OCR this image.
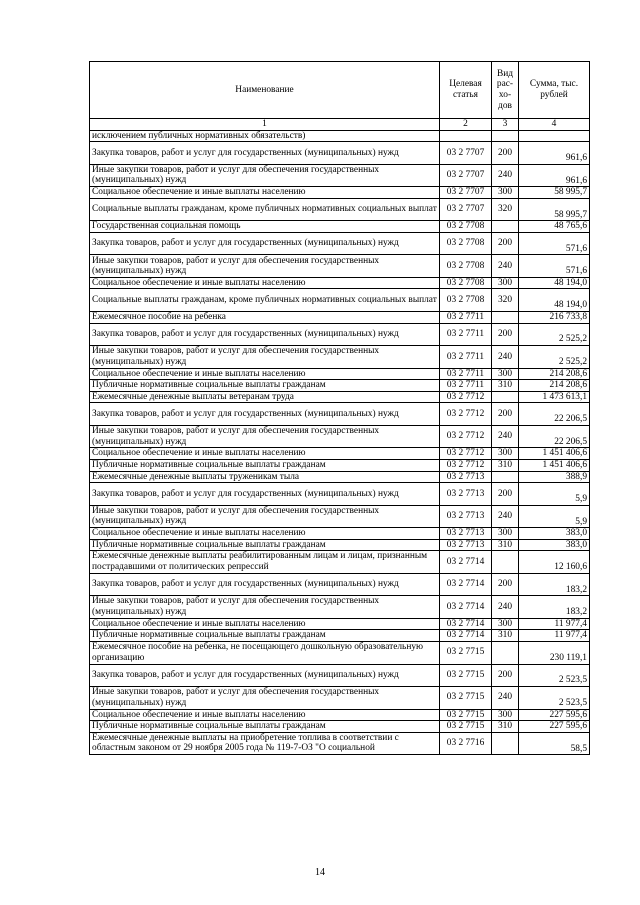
Наименование	Целевая статья	Вид рас-хо-дов	Сумма, тыс. рублей
1	2	3	4
исключением публичных нормативных обязательств)			
Закупка товаров, работ и услуг для государственных (муниципальных) нужд	03 2 7707	200	961,6
Иные закупки товаров, работ и услуг для обеспечения государственных (муниципальных) нужд	03 2 7707	240	961,6
Социальное обеспечение и иные выплаты населению	03 2 7707	300	58 995,7
Социальные выплаты гражданам, кроме публичных нормативных социальных выплат	03 2 7707	320	58 995,7
Государственная социальная помощь	03 2 7708		48 765,6
Закупка товаров, работ и услуг для государственных (муниципальных) нужд	03 2 7708	200	571,6
Иные закупки товаров, работ и услуг для обеспечения государственных (муниципальных) нужд	03 2 7708	240	571,6
Социальное обеспечение и иные выплаты населению	03 2 7708	300	48 194,0
Социальные выплаты гражданам, кроме публичных нормативных социальных выплат	03 2 7708	320	48 194,0
Ежемесячное пособие на ребенка	03 2 7711		216 733,8
Закупка товаров, работ и услуг для государственных (муниципальных) нужд	03 2 7711	200	2 525,2
Иные закупки товаров, работ и услуг для обеспечения государственных (муниципальных) нужд	03 2 7711	240	2 525,2
Социальное обеспечение и иные выплаты населению	03 2 7711	300	214 208,6
Публичные нормативные социальные выплаты гражданам	03 2 7711	310	214 208,6
Ежемесячные денежные выплаты ветеранам труда	03 2 7712		1 473 613,1
Закупка товаров, работ и услуг для государственных (муниципальных) нужд	03 2 7712	200	22 206,5
Иные закупки товаров, работ и услуг для обеспечения государственных (муниципальных) нужд	03 2 7712	240	22 206,5
Социальное обеспечение и иные выплаты населению	03 2 7712	300	1 451 406,6
Публичные нормативные социальные выплаты гражданам	03 2 7712	310	1 451 406,6
Ежемесячные денежные выплаты труженикам тыла	03 2 7713		388,9
Закупка товаров, работ и услуг для государственных (муниципальных) нужд	03 2 7713	200	5,9
Иные закупки товаров, работ и услуг для обеспечения государственных (муниципальных) нужд	03 2 7713	240	5,9
Социальное обеспечение и иные выплаты населению	03 2 7713	300	383,0
Публичные нормативные социальные выплаты гражданам	03 2 7713	310	383,0
Ежемесячные денежные выплаты реабилитированным лицам и лицам, признанным пострадавшими от политических репрессий	03 2 7714		12 160,6
Закупка товаров, работ и услуг для государственных (муниципальных) нужд	03 2 7714	200	183,2
Иные закупки товаров, работ и услуг для обеспечения государственных (муниципальных) нужд	03 2 7714	240	183,2
Социальное обеспечение и иные выплаты населению	03 2 7714	300	11 977,4
Публичные нормативные социальные выплаты гражданам	03 2 7714	310	11 977,4
Ежемесячное пособие на ребенка, не посещающего дошкольную образовательную организацию	03 2 7715		230 119,1
Закупка товаров, работ и услуг для государственных (муниципальных) нужд	03 2 7715	200	2 523,5
Иные закупки товаров, работ и услуг для обеспечения государственных (муниципальных) нужд	03 2 7715	240	2 523,5
Социальное обеспечение и иные выплаты населению	03 2 7715	300	227 595,6
Публичные нормативные социальные выплаты гражданам	03 2 7715	310	227 595,6
Ежемесячные денежные выплаты на приобретение топлива в соответствии с областным законом от 29 ноября 2005 года № 119-7-ОЗ "О социальной	03 2 7716		58,5
14
